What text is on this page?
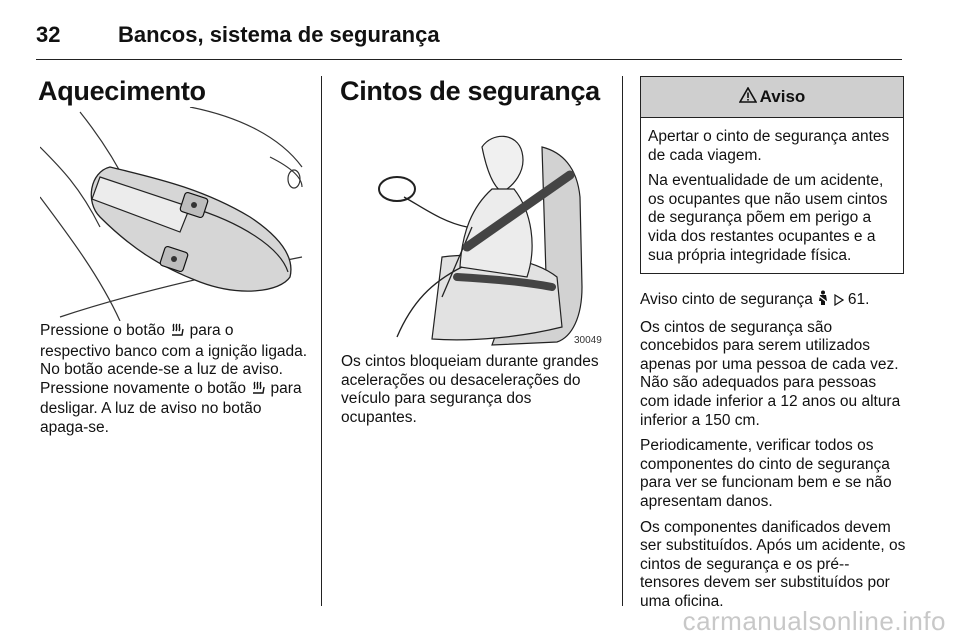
32	Bancos, sistema de segurança
Aquecimento

Pressione o botão  para o respectivo banco com a ignição ligada. No botão acende-se a luz de aviso. Pressione novamente o botão  para desligar. A luz de aviso no botão apaga-se.

Cintos de segurança
30049

Os cintos bloqueiam durante grandes acelerações ou desacelerações do veículo para segurança dos ocupantes.

Aviso

Apertar o cinto de segurança antes de cada viagem.

Na eventualidade de um acidente, os ocupantes que não usem cintos de segurança põem em perigo a vida dos restantes ocupantes e a sua própria integridade física.

Aviso cinto de segurança   61.

Os cintos de segurança são concebidos para serem utilizados apenas por uma pessoa de cada vez. Não são adequados para pessoas com idade inferior a 12 anos ou altura inferior a 150 cm.

Periodicamente, verificar todos os componentes do cinto de segurança para ver se funcionam bem e se não apresentam danos.

Os componentes danificados devem ser substituídos. Após um acidente, os cintos de segurança e os pré--tensores devem ser substituídos por uma oficina.

carmanualsonline.info
